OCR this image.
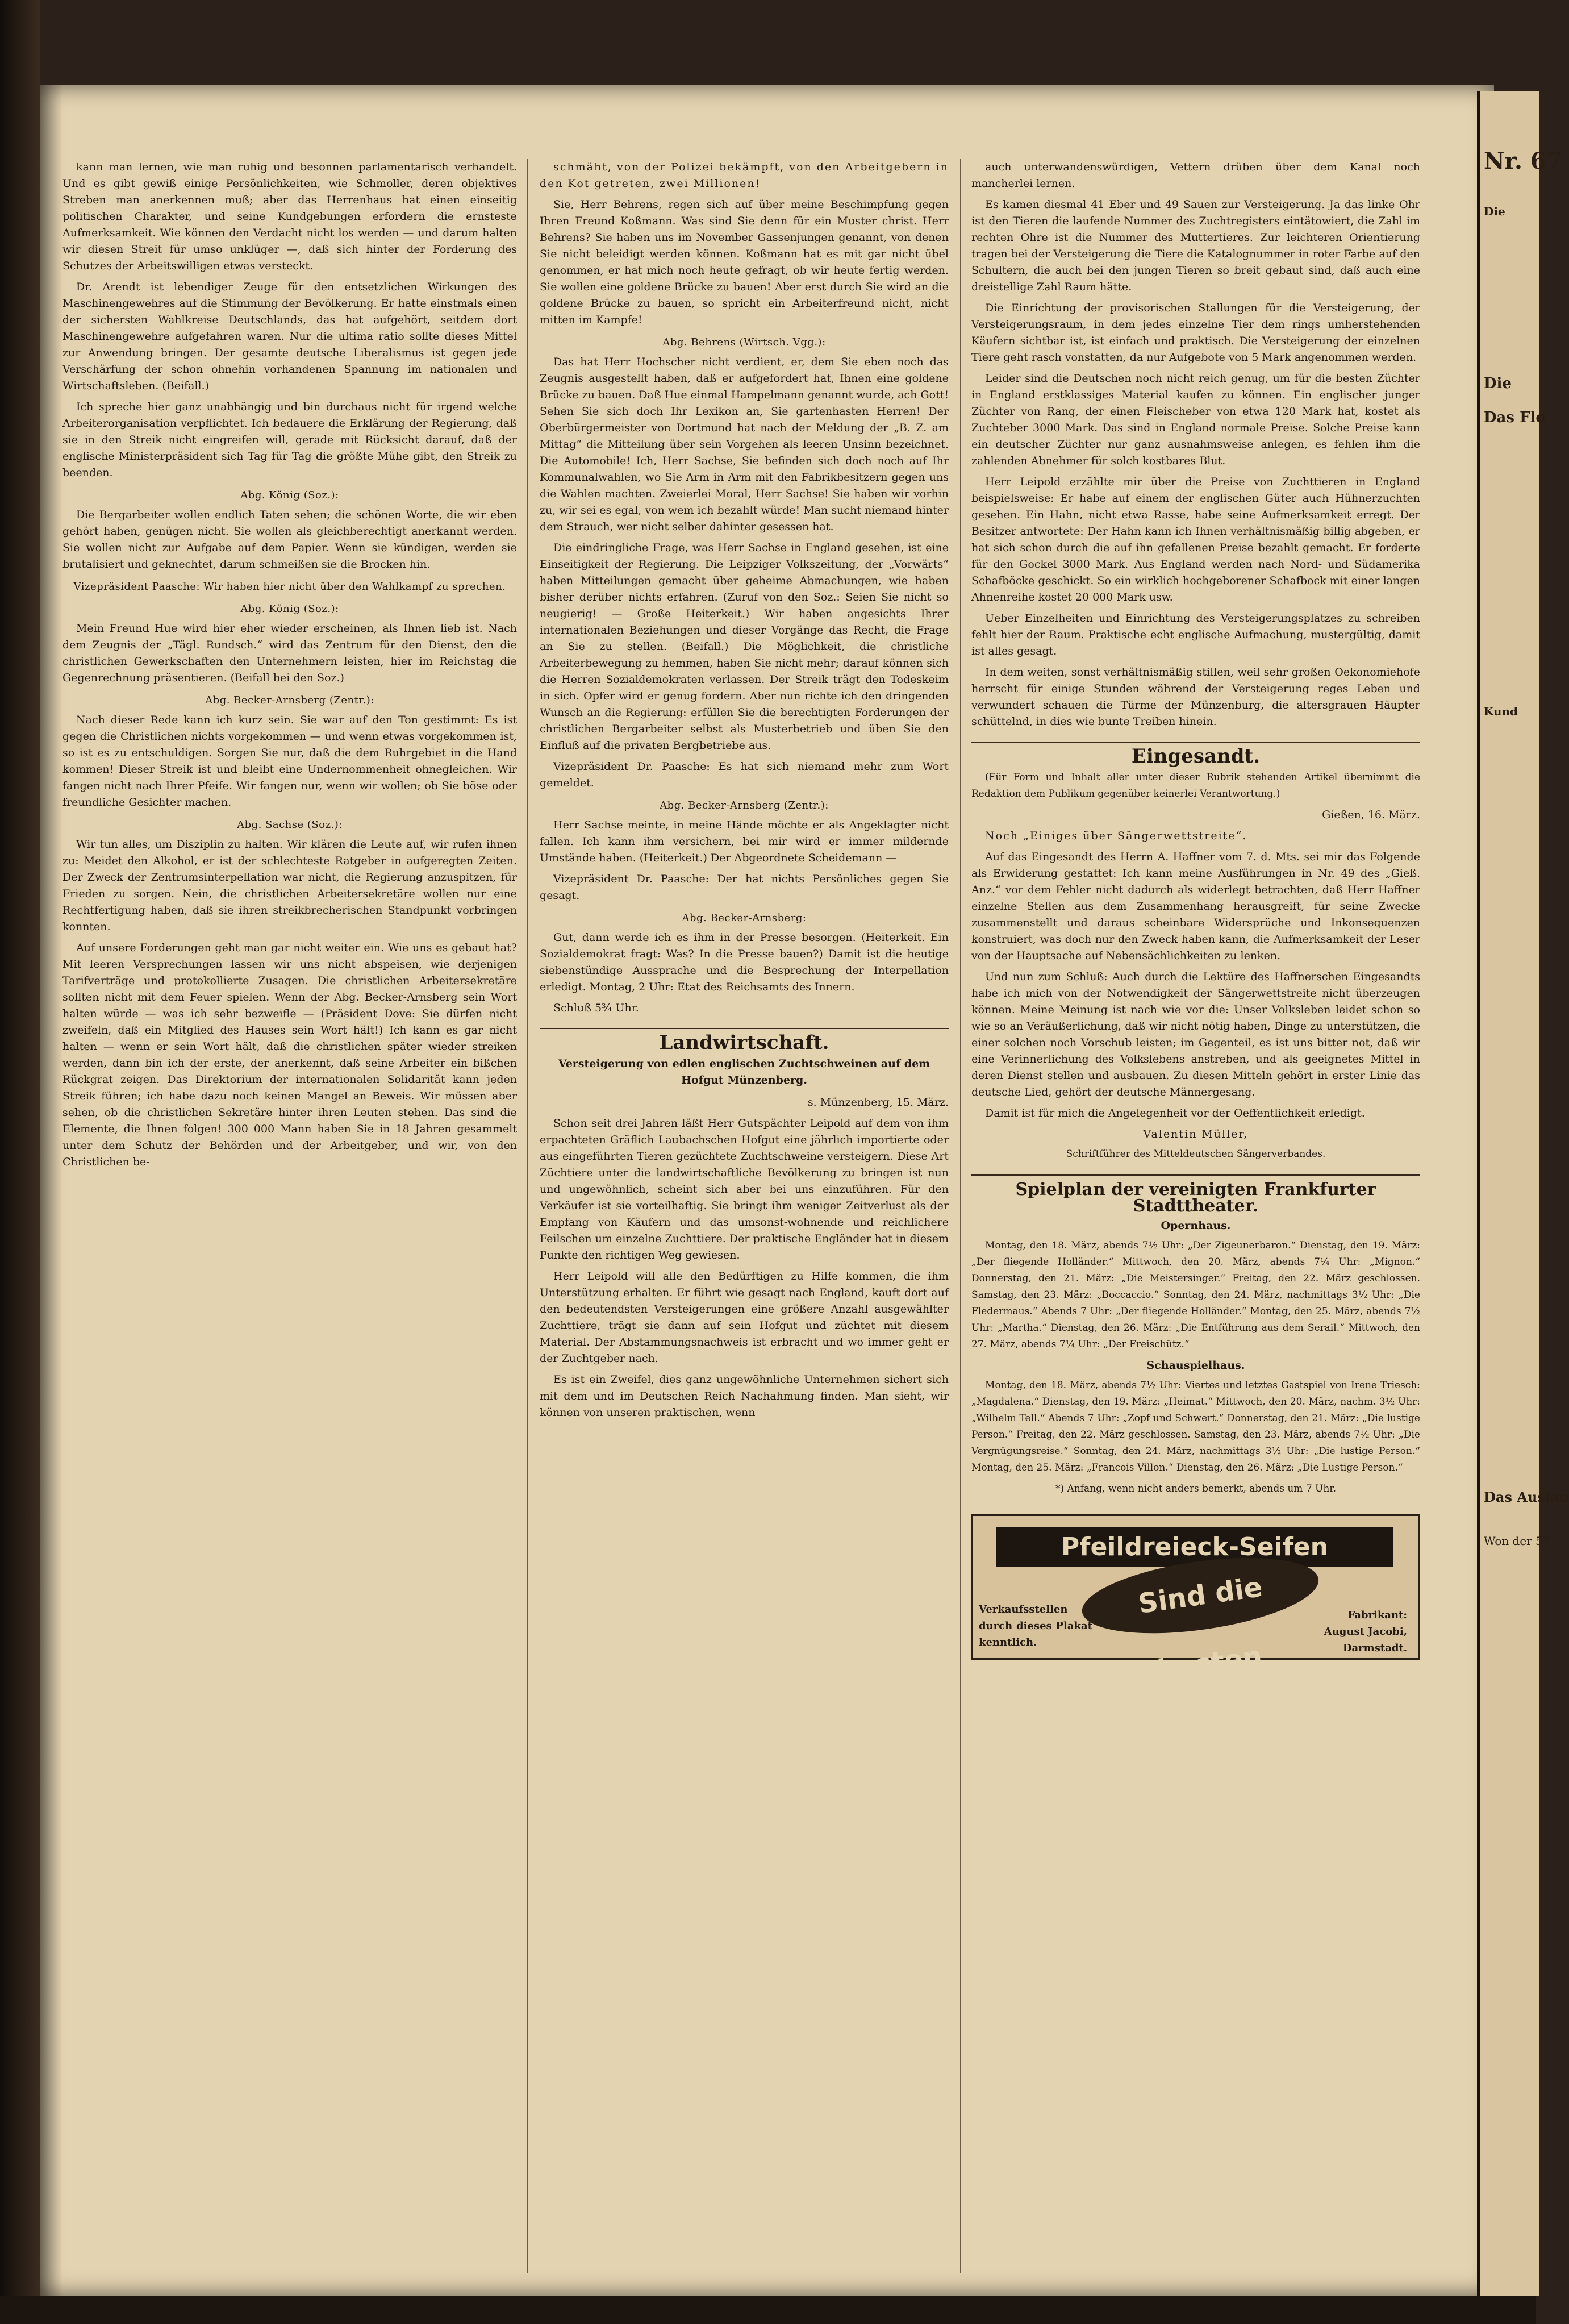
kann man lernen, wie man ruhig und besonnen parlamentarisch verhandelt. Und es gibt gewiß einige Persönlichkeiten, wie Schmoller, deren objektives Streben man anerkennen muß; aber das Herrenhaus hat einen einseitig politischen Charakter, und seine Kundgebungen erfordern die ernsteste Aufmerksamkeit. Wie können den Verdacht nicht los werden — und darum halten wir diesen Streit für umso unklüger —, daß sich hinter der Forderung des Schutzes der Arbeitswilligen etwas versteckt.

Dr. Arendt ist lebendiger Zeuge für den entsetzlichen Wirkungen des Maschinengewehres auf die Stimmung der Bevölkerung. Er hatte einstmals einen der sichersten Wahlkreise Deutschlands, das hat aufgehört, seitdem dort Maschinengewehre aufgefahren waren. Nur die ultima ratio sollte dieses Mittel zur Anwendung bringen. Der gesamte deutsche Liberalismus ist gegen jede Verschärfung der schon ohnehin vorhandenen Spannung im nationalen und Wirtschaftsleben. (Beifall.)

Ich spreche hier ganz unabhängig und bin durchaus nicht für irgend welche Arbeiterorganisation verpflichtet. Ich bedauere die Erklärung der Regierung, daß sie in den Streik nicht eingreifen will, gerade mit Rücksicht darauf, daß der englische Ministerpräsident sich Tag für Tag die größte Mühe gibt, den Streik zu beenden.

Abg. König (Soz.):

Die Bergarbeiter wollen endlich Taten sehen; die schönen Worte, die wir eben gehört haben, genügen nicht. Sie wollen als gleichberechtigt anerkannt werden. Sie wollen nicht zur Aufgabe auf dem Papier. Wenn sie kündigen, werden sie brutalisiert und geknechtet, darum schmeißen sie die Brocken hin.

Vizepräsident Paasche: Wir haben hier nicht über den Wahlkampf zu sprechen.
Abg. König (Soz.):

Mein Freund Hue wird hier eher wieder erscheinen, als Ihnen lieb ist. Nach dem Zeugnis der „Tägl. Rundsch.“ wird das Zentrum für den Dienst, den die christlichen Gewerkschaften den Unternehmern leisten, hier im Reichstag die Gegenrechnung präsentieren. (Beifall bei den Soz.)

Abg. Becker-Arnsberg (Zentr.):

Nach dieser Rede kann ich kurz sein. Sie war auf den Ton gestimmt: Es ist gegen die Christlichen nichts vorgekommen — und wenn etwas vorgekommen ist, so ist es zu entschuldigen. Sorgen Sie nur, daß die dem Ruhrgebiet in die Hand kommen! Dieser Streik ist und bleibt eine Undernommenheit ohnegleichen. Wir fangen nicht nach Ihrer Pfeife. Wir fangen nur, wenn wir wollen; ob Sie böse oder freundliche Gesichter machen.

Abg. Sachse (Soz.):

Wir tun alles, um Disziplin zu halten. Wir klären die Leute auf, wir rufen ihnen zu: Meidet den Alkohol, er ist der schlechteste Ratgeber in aufgeregten Zeiten. Der Zweck der Zentrumsinterpellation war nicht, die Regierung anzuspitzen, für Frieden zu sorgen. Nein, die christlichen Arbeitersekretäre wollen nur eine Rechtfertigung haben, daß sie ihren streikbrecherischen Standpunkt vorbringen konnten.

Auf unsere Forderungen geht man gar nicht weiter ein. Wie uns es gebaut hat? Mit leeren Versprechungen lassen wir uns nicht abspeisen, wie derjenigen Tarifverträge und protokollierte Zusagen. Die christlichen Arbeitersekretäre sollten nicht mit dem Feuer spielen. Wenn der Abg. Becker-Arnsberg sein Wort halten würde — was ich sehr bezweifle — (Präsident Dove: Sie dürfen nicht zweifeln, daß ein Mitglied des Hauses sein Wort hält!) Ich kann es gar nicht halten — wenn er sein Wort hält, daß die christlichen später wieder streiken werden, dann bin ich der erste, der anerkennt, daß seine Arbeiter ein bißchen Rückgrat zeigen. Das Direktorium der internationalen Solidarität kann jeden Streik führen; ich habe dazu noch keinen Mangel an Beweis. Wir müssen aber sehen, ob die christlichen Sekretäre hinter ihren Leuten stehen. Das sind die Elemente, die Ihnen folgen! 300 000 Mann haben Sie in 18 Jahren gesammelt unter dem Schutz der Behörden und der Arbeitgeber, und wir, von den Christlichen be-

schmäht, von der Polizei bekämpft, von den Arbeitgebern in den Kot getreten, zwei Millionen!

Sie, Herr Behrens, regen sich auf über meine Beschimpfung gegen Ihren Freund Koßmann. Was sind Sie denn für ein Muster christ. Herr Behrens? Sie haben uns im November Gassenjungen genannt, von denen Sie nicht beleidigt werden können. Koßmann hat es mit gar nicht übel genommen, er hat mich noch heute gefragt, ob wir heute fertig werden. Sie wollen eine goldene Brücke zu bauen! Aber erst durch Sie wird an die goldene Brücke zu bauen, so spricht ein Arbeiterfreund nicht, nicht mitten im Kampfe!

Abg. Behrens (Wirtsch. Vgg.):

Das hat Herr Hochscher nicht verdient, er, dem Sie eben noch das Zeugnis ausgestellt haben, daß er aufgefordert hat, Ihnen eine goldene Brücke zu bauen. Daß Hue einmal Hampelmann genannt wurde, ach Gott! Sehen Sie sich doch Ihr Lexikon an, Sie gartenhasten Herren! Der Oberbürgermeister von Dortmund hat nach der Meldung der „B. Z. am Mittag“ die Mitteilung über sein Vorgehen als leeren Unsinn bezeichnet. Die Automobile! Ich, Herr Sachse, Sie befinden sich doch noch auf Ihr Kommunalwahlen, wo Sie Arm in Arm mit den Fabrikbesitzern gegen uns die Wahlen machten. Zweierlei Moral, Herr Sachse! Sie haben wir vorhin zu, wir sei es egal, von wem ich bezahlt würde! Man sucht niemand hinter dem Strauch, wer nicht selber dahinter gesessen hat.

Die eindringliche Frage, was Herr Sachse in England gesehen, ist eine Einseitigkeit der Regierung. Die Leipziger Volkszeitung, der „Vorwärts“ haben Mitteilungen gemacht über geheime Abmachungen, wie haben bisher derüber nichts erfahren. (Zuruf von den Soz.: Seien Sie nicht so neugierig! — Große Heiterkeit.) Wir haben angesichts Ihrer internationalen Beziehungen und dieser Vorgänge das Recht, die Frage an Sie zu stellen. (Beifall.) Die Möglichkeit, die christliche Arbeiterbewegung zu hemmen, haben Sie nicht mehr; darauf können sich die Herren Sozialdemokraten verlassen. Der Streik trägt den Todeskeim in sich. Opfer wird er genug fordern. Aber nun richte ich den dringenden Wunsch an die Regierung: erfüllen Sie die berechtigten Forderungen der christlichen Bergarbeiter selbst als Musterbetrieb und üben Sie den Einfluß auf die privaten Bergbetriebe aus.

Vizepräsident Dr. Paasche: Es hat sich niemand mehr zum Wort gemeldet.

Abg. Becker-Arnsberg (Zentr.):

Herr Sachse meinte, in meine Hände möchte er als Angeklagter nicht fallen. Ich kann ihm versichern, bei mir wird er immer mildernde Umstände haben. (Heiterkeit.) Der Abgeordnete Scheidemann —

Vizepräsident Dr. Paasche: Der hat nichts Persönliches gegen Sie gesagt.

Abg. Becker-Arnsberg:

Gut, dann werde ich es ihm in der Presse besorgen. (Heiterkeit. Ein Sozialdemokrat fragt: Was? In die Presse bauen?) Damit ist die heutige siebenstündige Aussprache und die Besprechung der Interpellation erledigt. Montag, 2 Uhr: Etat des Reichsamts des Innern.

Schluß 5¾ Uhr.

Landwirtschaft.
Versteigerung von edlen englischen Zuchtschweinen auf dem Hofgut Münzenberg.
s. Münzenberg, 15. März.

Schon seit drei Jahren läßt Herr Gutspächter Leipold auf dem von ihm erpachteten Gräflich Laubachschen Hofgut eine jährlich importierte oder aus eingeführten Tieren gezüchtete Zuchtschweine versteigern. Diese Art Züchtiere unter die landwirtschaftliche Bevölkerung zu bringen ist nun und ungewöhnlich, scheint sich aber bei uns einzuführen. Für den Verkäufer ist sie vorteilhaftig. Sie bringt ihm weniger Zeitverlust als der Empfang von Käufern und das umsonst-wohnende und reichlichere Feilschen um einzelne Zuchttiere. Der praktische Engländer hat in diesem Punkte den richtigen Weg gewiesen.

Herr Leipold will alle den Bedürftigen zu Hilfe kommen, die ihm Unterstützung erhalten. Er führt wie gesagt nach England, kauft dort auf den bedeutendsten Versteigerungen eine größere Anzahl ausgewählter Zuchttiere, trägt sie dann auf sein Hofgut und züchtet mit diesem Material. Der Abstammungsnachweis ist erbracht und wo immer geht er der Zuchtgeber nach.

Es ist ein Zweifel, dies ganz ungewöhnliche Unternehmen sichert sich mit dem und im Deutschen Reich Nachahmung finden. Man sieht, wir können von unseren praktischen, wenn

auch unterwandenswürdigen, Vettern drüben über dem Kanal noch mancherlei lernen.

Es kamen diesmal 41 Eber und 49 Sauen zur Versteigerung. Ja das linke Ohr ist den Tieren die laufende Nummer des Zuchtregisters eintätowiert, die Zahl im rechten Ohre ist die Nummer des Muttertieres. Zur leichteren Orientierung tragen bei der Versteigerung die Tiere die Katalognummer in roter Farbe auf den Schultern, die auch bei den jungen Tieren so breit gebaut sind, daß auch eine dreistellige Zahl Raum hätte.

Die Einrichtung der provisorischen Stallungen für die Versteigerung, der Versteigerungsraum, in dem jedes einzelne Tier dem rings umherstehenden Käufern sichtbar ist, ist einfach und praktisch. Die Versteigerung der einzelnen Tiere geht rasch vonstatten, da nur Aufgebote von 5 Mark angenommen werden.

Leider sind die Deutschen noch nicht reich genug, um für die besten Züchter in England erstklassiges Material kaufen zu können. Ein englischer junger Züchter von Rang, der einen Fleischeber von etwa 120 Mark hat, kostet als Zuchteber 3000 Mark. Das sind in England normale Preise. Solche Preise kann ein deutscher Züchter nur ganz ausnahmsweise anlegen, es fehlen ihm die zahlenden Abnehmer für solch kostbares Blut.

Herr Leipold erzählte mir über die Preise von Zuchttieren in England beispielsweise: Er habe auf einem der englischen Güter auch Hühnerzuchten gesehen. Ein Hahn, nicht etwa Rasse, habe seine Aufmerksamkeit erregt. Der Besitzer antwortete: Der Hahn kann ich Ihnen verhältnismäßig billig abgeben, er hat sich schon durch die auf ihn gefallenen Preise bezahlt gemacht. Er forderte für den Gockel 3000 Mark. Aus England werden nach Nord- und Südamerika Schafböcke geschickt. So ein wirklich hochgeborener Schafbock mit einer langen Ahnenreihe kostet 20 000 Mark usw.

Ueber Einzelheiten und Einrichtung des Versteigerungsplatzes zu schreiben fehlt hier der Raum. Praktische echt englische Aufmachung, mustergültig, damit ist alles gesagt.

In dem weiten, sonst verhältnismäßig stillen, weil sehr großen Oekonomiehofe herrscht für einige Stunden während der Versteigerung reges Leben und verwundert schauen die Türme der Münzenburg, die altersgrauen Häupter schüttelnd, in dies wie bunte Treiben hinein.

Eingesandt.

(Für Form und Inhalt aller unter dieser Rubrik stehenden Artikel übernimmt die Redaktion dem Publikum gegenüber keinerlei Verantwortung.)

Gießen, 16. März.

Noch „Einiges über Sängerwettstreite“.

Auf das Eingesandt des Herrn A. Haffner vom 7. d. Mts. sei mir das Folgende als Erwiderung gestattet: Ich kann meine Ausführungen in Nr. 49 des „Gieß. Anz.“ vor dem Fehler nicht dadurch als widerlegt betrachten, daß Herr Haffner einzelne Stellen aus dem Zusammenhang herausgreift, für seine Zwecke zusammenstellt und daraus scheinbare Widersprüche und Inkonsequenzen konstruiert, was doch nur den Zweck haben kann, die Aufmerksamkeit der Leser von der Hauptsache auf Nebensächlichkeiten zu lenken.

Und nun zum Schluß: Auch durch die Lektüre des Haffnerschen Eingesandts habe ich mich von der Notwendigkeit der Sängerwettstreite nicht überzeugen können. Meine Meinung ist nach wie vor die: Unser Volksleben leidet schon so wie so an Veräußerlichung, daß wir nicht nötig haben, Dinge zu unterstützen, die einer solchen noch Vorschub leisten; im Gegenteil, es ist uns bitter not, daß wir eine Verinnerlichung des Volkslebens anstreben, und als geeignetes Mittel in deren Dienst stellen und ausbauen. Zu diesen Mitteln gehört in erster Linie das deutsche Lied, gehört der deutsche Männergesang.

Damit ist für mich die Angelegenheit vor der Oeffentlichkeit erledigt.

Valentin Müller,
Schriftführer des Mitteldeutschen Sängerverbandes.
Spielplan der vereinigten Frankfurter Stadttheater.
Opernhaus.

Montag, den 18. März, abends 7½ Uhr: „Der Zigeunerbaron.“ Dienstag, den 19. März: „Der fliegende Holländer.“ Mittwoch, den 20. März, abends 7¼ Uhr: „Mignon.“ Donnerstag, den 21. März: „Die Meistersinger.“ Freitag, den 22. März geschlossen. Samstag, den 23. März: „Boccaccio.“ Sonntag, den 24. März, nachmittags 3½ Uhr: „Die Fledermaus.“ Abends 7 Uhr: „Der fliegende Holländer.“ Montag, den 25. März, abends 7½ Uhr: „Martha.“ Dienstag, den 26. März: „Die Entführung aus dem Serail.“ Mittwoch, den 27. März, abends 7¼ Uhr: „Der Freischütz.“

Schauspielhaus.

Montag, den 18. März, abends 7½ Uhr: Viertes und letztes Gastspiel von Irene Triesch: „Magdalena.“ Dienstag, den 19. März: „Heimat.“ Mittwoch, den 20. März, nachm. 3½ Uhr: „Wilhelm Tell.“ Abends 7 Uhr: „Zopf und Schwert.“ Donnerstag, den 21. März: „Die lustige Person.“ Freitag, den 22. März geschlossen. Samstag, den 23. März, abends 7½ Uhr: „Die Vergnügungsreise.“ Sonntag, den 24. März, nachmittags 3½ Uhr: „Die lustige Person.“ Montag, den 25. März: „Francois Villon.“ Dienstag, den 26. März: „Die Lustige Person.“

*) Anfang, wenn nicht anders bemerkt, abends um 7 Uhr.
Pfeildreieck-Seifen
Sind die besten
Verkaufsstellen durch dieses Plakat kenntlich.
Fabrikant:
August Jacobi, Darmstadt.
Nr. 67
Die
Das Flo
Kund
Die
Das Auslan
Won der 57
